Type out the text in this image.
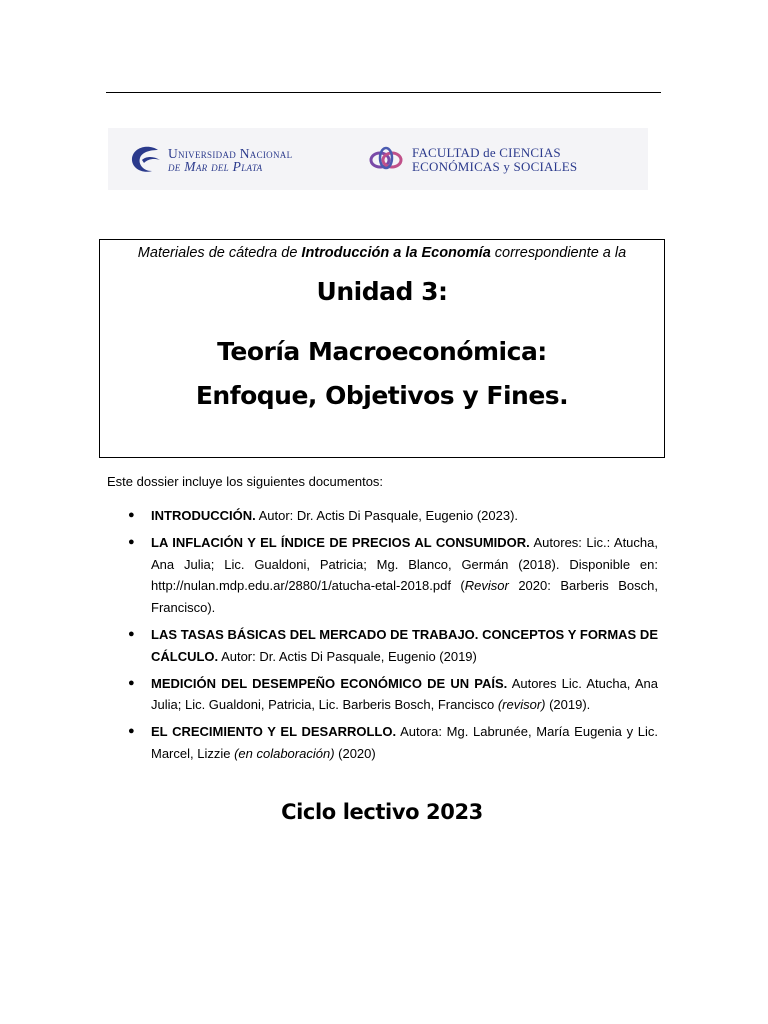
Universidad Nacional
de Mar del Plata
FACULTAD de CIENCIAS
ECONÓMICAS y SOCIALES
Materiales de cátedra de Introducción a la Economía correspondiente a la
Unidad 3:
Teoría Macroeconómica:
Enfoque, Objetivos y Fines.
Este dossier incluye los siguientes documentos:
● INTRODUCCIÓN. Autor: Dr. Actis Di Pasquale, Eugenio (2023).
● LA INFLACIÓN Y EL ÍNDICE DE PRECIOS AL CONSUMIDOR. Autores: Lic.: Atucha, Ana Julia; Lic. Gualdoni, Patricia; Mg. Blanco, Germán (2018). Disponible en: http://nulan.mdp.edu.ar/2880/1/atucha-etal-2018.pdf (Revisor 2020: Barberis Bosch, Francisco).
● LAS TASAS BÁSICAS DEL MERCADO DE TRABAJO. CONCEPTOS Y FORMAS DE CÁLCULO. Autor: Dr. Actis Di Pasquale, Eugenio (2019)
● MEDICIÓN DEL DESEMPEÑO ECONÓMICO DE UN PAÍS. Autores Lic. Atucha, Ana Julia; Lic. Gualdoni, Patricia, Lic. Barberis Bosch, Francisco (revisor) (2019).
● EL CRECIMIENTO Y EL DESARROLLO. Autora: Mg. Labrunée, María Eugenia y Lic. Marcel, Lizzie (en colaboración) (2020)
Ciclo lectivo 2023
